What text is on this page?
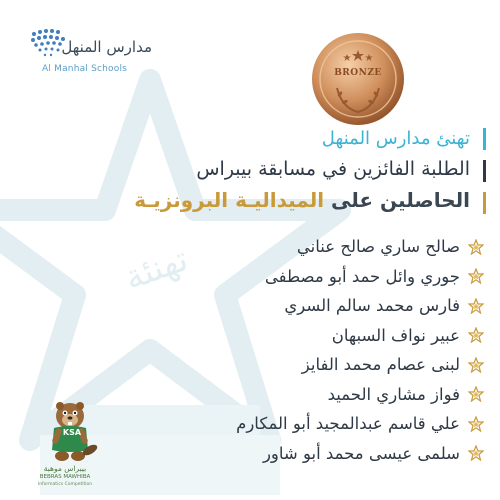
ﺗﻬﻨﺌﺔ
مدارس المنهل
Al Manhal Schools	BRONZE
تهنئ مدارس المنهل
الطلبة الفائزين في مسابقة بيبراس
الحاصلين على الميداليـة البرونزيـة
صالح ساري صالح عناني
جوري وائل حمد أبو مصطفى
فارس محمد سالم السري
عبير نواف السبهان
لبنى عصام محمد الفايز
فواز مشاري الحميد
علي قاسم عبدالمجيد أبو المكارم
سلمى عيسى محمد أبو شاور
KSA
بيبراس موهبة
BEBRAS MAWHIBA
Informatics Competition
